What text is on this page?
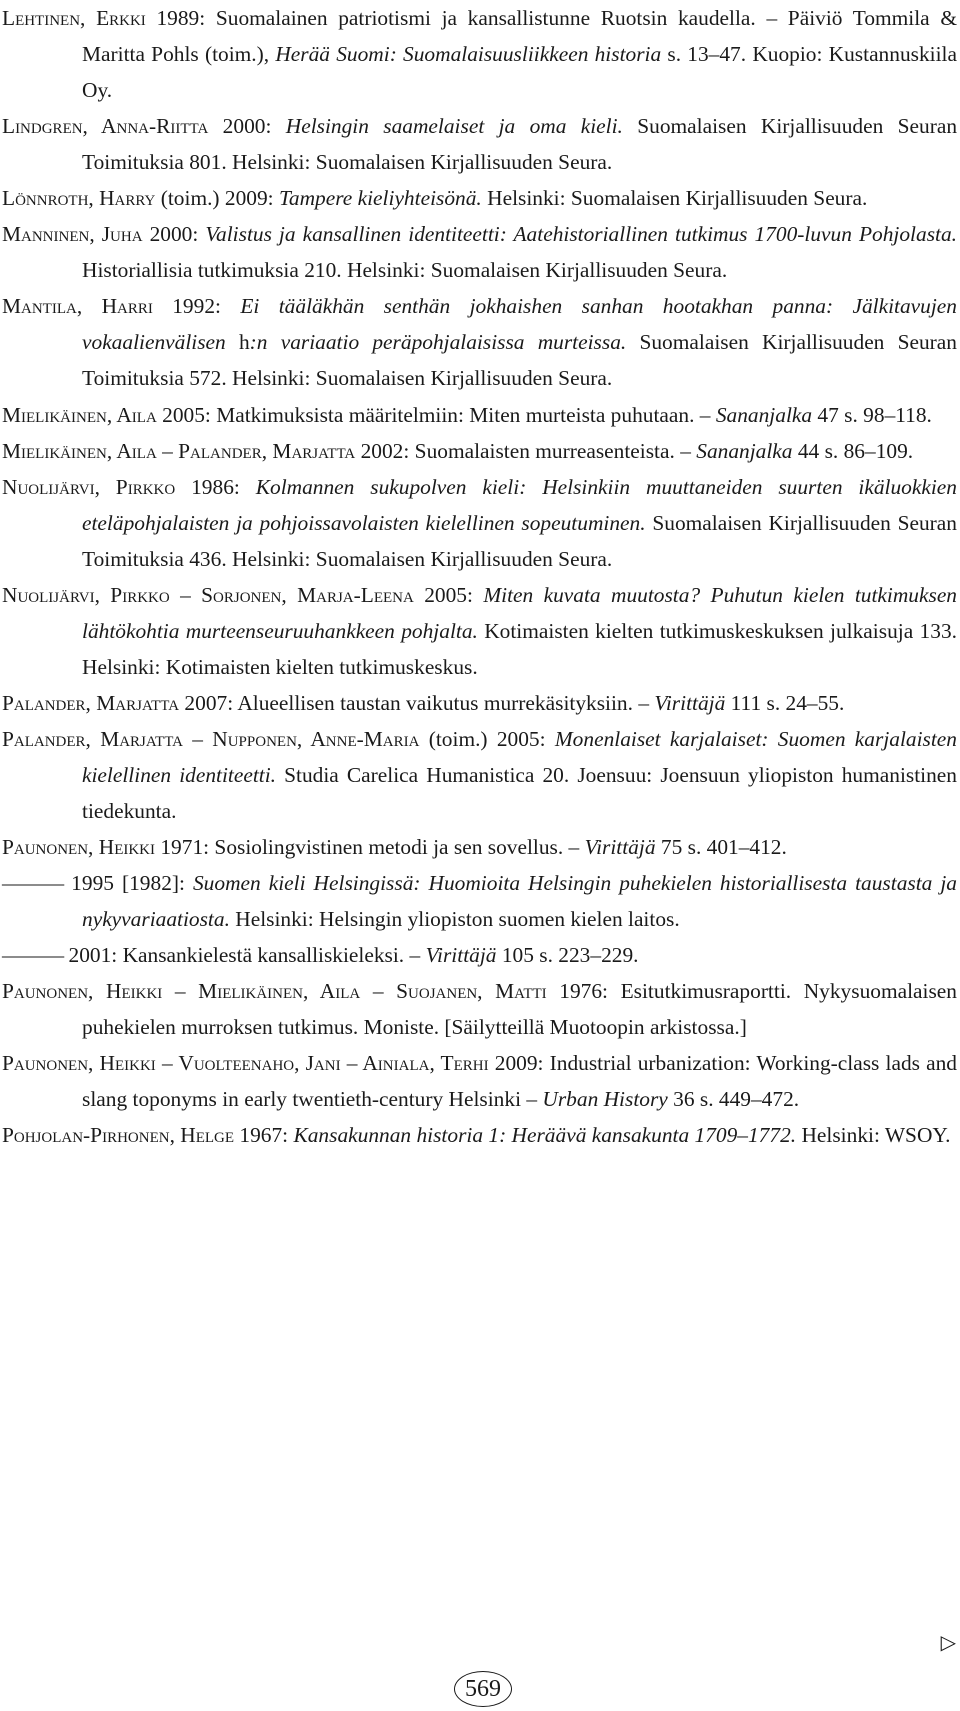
Lehtinen, Erkki 1989: Suomalainen patriotismi ja kansallistunne Ruotsin kaudella. – Päiviö Tommila & Maritta Pohls (toim.), Herää Suomi: Suomalaisuusliikkeen historia s. 13–47. Kuopio: Kustannuskiila Oy.
Lindgren, Anna-Riitta 2000: Helsingin saamelaiset ja oma kieli. Suomalaisen Kirjallisuuden Seuran Toimituksia 801. Helsinki: Suomalaisen Kirjallisuuden Seura.
Lönnroth, Harry (toim.) 2009: Tampere kieliyhteisönä. Helsinki: Suomalaisen Kirjallisuuden Seura.
Manninen, Juha 2000: Valistus ja kansallinen identiteetti: Aatehistoriallinen tutkimus 1700-luvun Pohjolasta. Historiallisia tutkimuksia 210. Helsinki: Suomalaisen Kirjallisuuden Seura.
Mantila, Harri 1992: Ei tääläkhän senthän jokhaishen sanhan hootakhan panna: Jälkitavujen vokaalienvälisen h:n variaatio peräpohjalaisissa murteissa. Suomalaisen Kirjallisuuden Seuran Toimituksia 572. Helsinki: Suomalaisen Kirjallisuuden Seura.
Mielikäinen, Aila 2005: Matkimuksista määritelmiin: Miten murteista puhutaan. – Sananjalka 47 s. 98–118.
Mielikäinen, Aila – Palander, Marjatta 2002: Suomalaisten murreasenteista. – Sananjalka 44 s. 86–109.
Nuolijärvi, Pirkko 1986: Kolmannen sukupolven kieli: Helsinkiin muuttaneiden suurten ikäluokkien eteläpohjalaisten ja pohjoissavolaisten kielellinen sopeutuminen. Suomalaisen Kirjallisuuden Seuran Toimituksia 436. Helsinki: Suomalaisen Kirjallisuuden Seura.
Nuolijärvi, Pirkko – Sorjonen, Marja-Leena 2005: Miten kuvata muutosta? Puhutun kielen tutkimuksen lähtökohtia murteenseuruuhankkeen pohjalta. Kotimaisten kielten tutkimuskeskuksen julkaisuja 133. Helsinki: Kotimaisten kielten tutkimuskeskus.
Palander, Marjatta 2007: Alueellisen taustan vaikutus murrekäsityksiin. – Virittäjä 111 s. 24–55.
Palander, Marjatta – Nupponen, Anne-Maria (toim.) 2005: Monenlaiset karjalaiset: Suomen karjalaisten kielellinen identiteetti. Studia Carelica Humanistica 20. Joensuu: Joensuun yliopiston humanistinen tiedekunta.
Paunonen, Heikki 1971: Sosiolingvistinen metodi ja sen sovellus. – Virittäjä 75 s. 401–412.
——— 1995 [1982]: Suomen kieli Helsingissä: Huomioita Helsingin puhekielen historiallisesta taustasta ja nykyvariaatiosta. Helsinki: Helsingin yliopiston suomen kielen laitos.
——— 2001: Kansankielestä kansalliskieleksi. – Virittäjä 105 s. 223–229.
Paunonen, Heikki – Mielikäinen, Aila – Suojanen, Matti 1976: Esitutkimusraportti. Nykysuomalaisen puhekielen murroksen tutkimus. Moniste. [Säilytteillä Muotoopin arkistossa.]
Paunonen, Heikki – Vuolteenaho, Jani – Ainiala, Terhi 2009: Industrial urbanization: Working-class lads and slang toponyms in early twentieth-century Helsinki – Urban History 36 s. 449–472.
Pohjolan-Pirhonen, Helge 1967: Kansakunnan historia 1: Heräävä kansakunta 1709–1772. Helsinki: WSOY.
▷
569
